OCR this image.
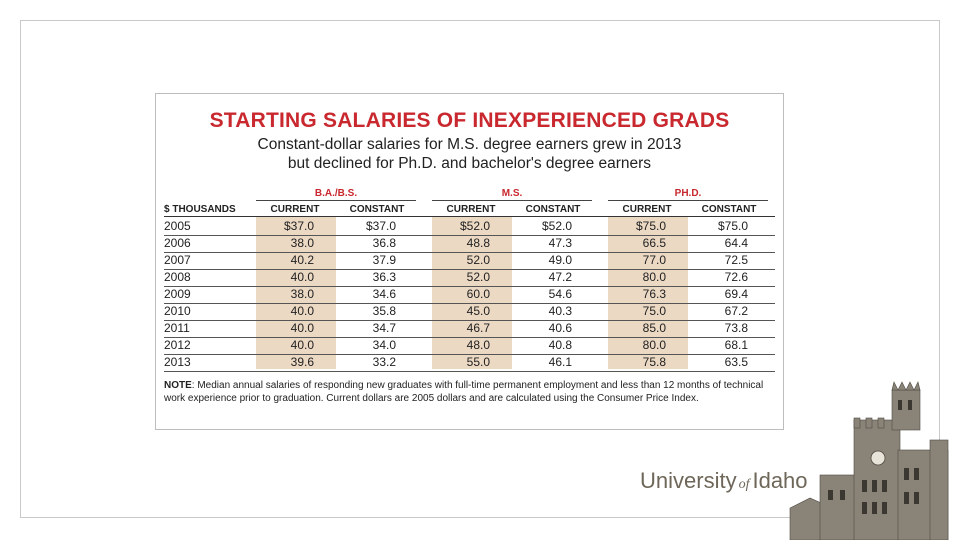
STARTING SALARIES OF INEXPERIENCED GRADS
Constant-dollar salaries for M.S. degree earners grew in 2013
but declined for Ph.D. and bachelor's degree earners
$ THOUSANDS
NOTE: Median annual salaries of responding new graduates with full-time permanent employment and less than 12 months of technical work experience prior to graduation. Current dollars are 2005 dollars and are calculated using the Consumer Price Index.
B.A./B.S.
CURRENT	CONSTANT
M.S.
CURRENT	CONSTANT
PH.D.
CURRENT	CONSTANT
2005	$37.0	$37.0	$52.0	$52.0	$75.0	$75.0
2006	38.0	36.8	48.8	47.3	66.5	64.4
2007	40.2	37.9	52.0	49.0	77.0	72.5
2008	40.0	36.3	52.0	47.2	80.0	72.6
2009	38.0	34.6	60.0	54.6	76.3	69.4
2010	40.0	35.8	45.0	40.3	75.0	67.2
2011	40.0	34.7	46.7	40.6	85.0	73.8
2012	40.0	34.0	48.0	40.8	80.0	68.1
2013	39.6	33.2	55.0	46.1	75.8	63.5
University of Idaho
